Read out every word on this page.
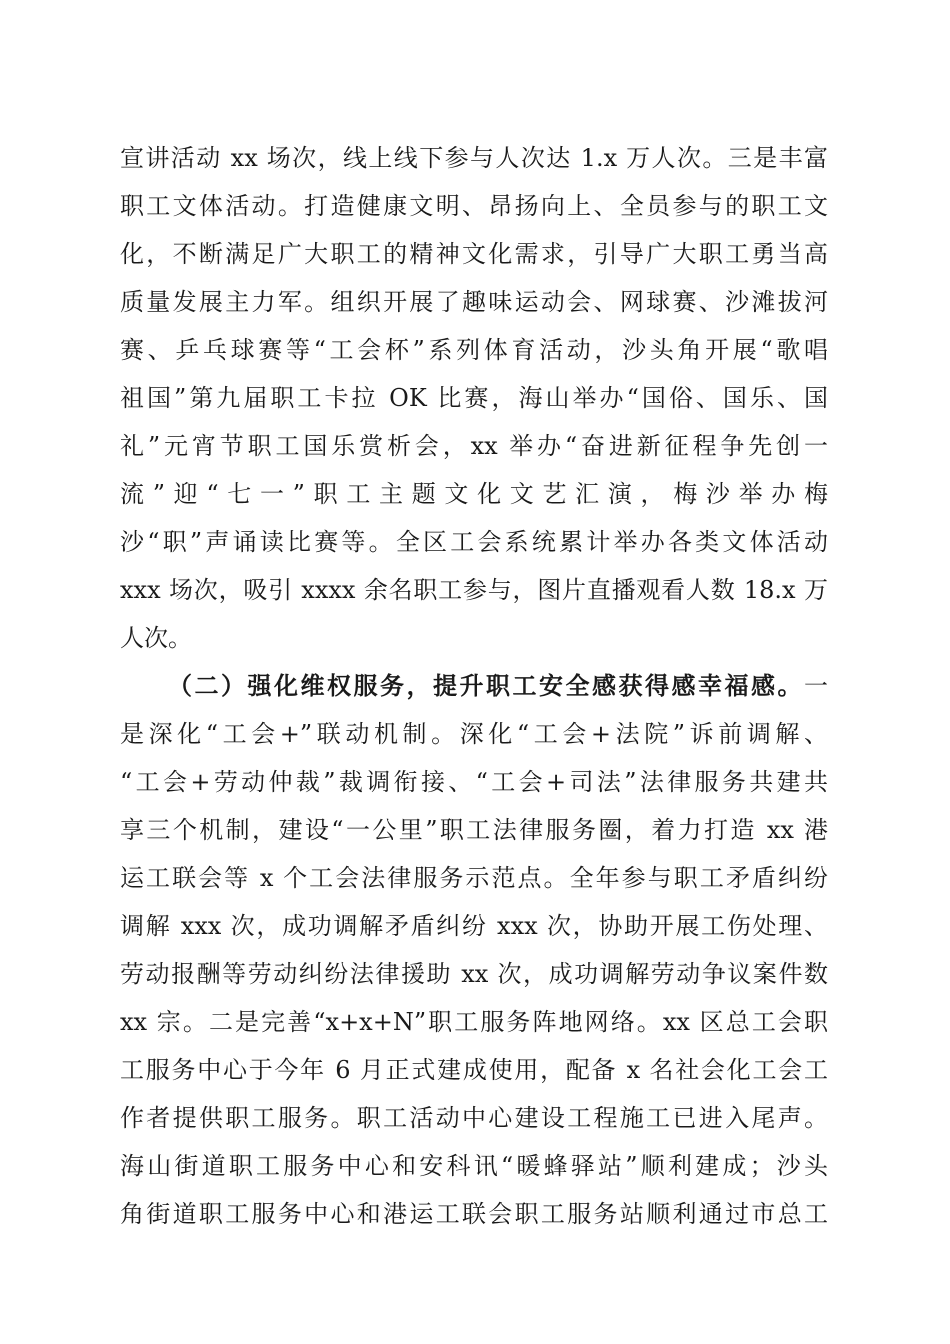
宣讲活动 xx 场次，线上线下参与人次达 1.x 万人次。三是丰富
职工文体活动。打造健康文明、昂扬向上、全员参与的职工文
化，不断满足广大职工的精神文化需求，引导广大职工勇当高
质量发展主力军。组织开展了趣味运动会、网球赛、沙滩拔河
赛、乒乓球赛等“工会杯”系列体育活动，沙头角开展“歌唱
祖国”第九届职工卡拉 OK 比赛，海山举办“国俗、国乐、国
礼”元宵节职工国乐赏析会，xx 举办“奋进新征程争先创一
流”迎“七一”职工主题文化文艺汇演，梅沙举办梅
沙“职”声诵读比赛等。全区工会系统累计举办各类文体活动
xxx 场次，吸引 xxxx 余名职工参与，图片直播观看人数 18.x 万
人次。
（二）强化维权服务，提升职工安全感获得感幸福感。一
是深化“工会+”联动机制。深化“工会+法院”诉前调解、
“工会+劳动仲裁”裁调衔接、“工会+司法”法律服务共建共
享三个机制，建设“一公里”职工法律服务圈，着力打造 xx 港
运工联会等 x 个工会法律服务示范点。全年参与职工矛盾纠纷
调解 xxx 次，成功调解矛盾纠纷 xxx 次，协助开展工伤处理、
劳动报酬等劳动纠纷法律援助 xx 次，成功调解劳动争议案件数
xx 宗。二是完善“x+x+N”职工服务阵地网络。xx 区总工会职
工服务中心于今年 6 月正式建成使用，配备 x 名社会化工会工
作者提供职工服务。职工活动中心建设工程施工已进入尾声。
海山街道职工服务中心和安科讯“暖蜂驿站”顺利建成；沙头
角街道职工服务中心和港运工联会职工服务站顺利通过市总工
